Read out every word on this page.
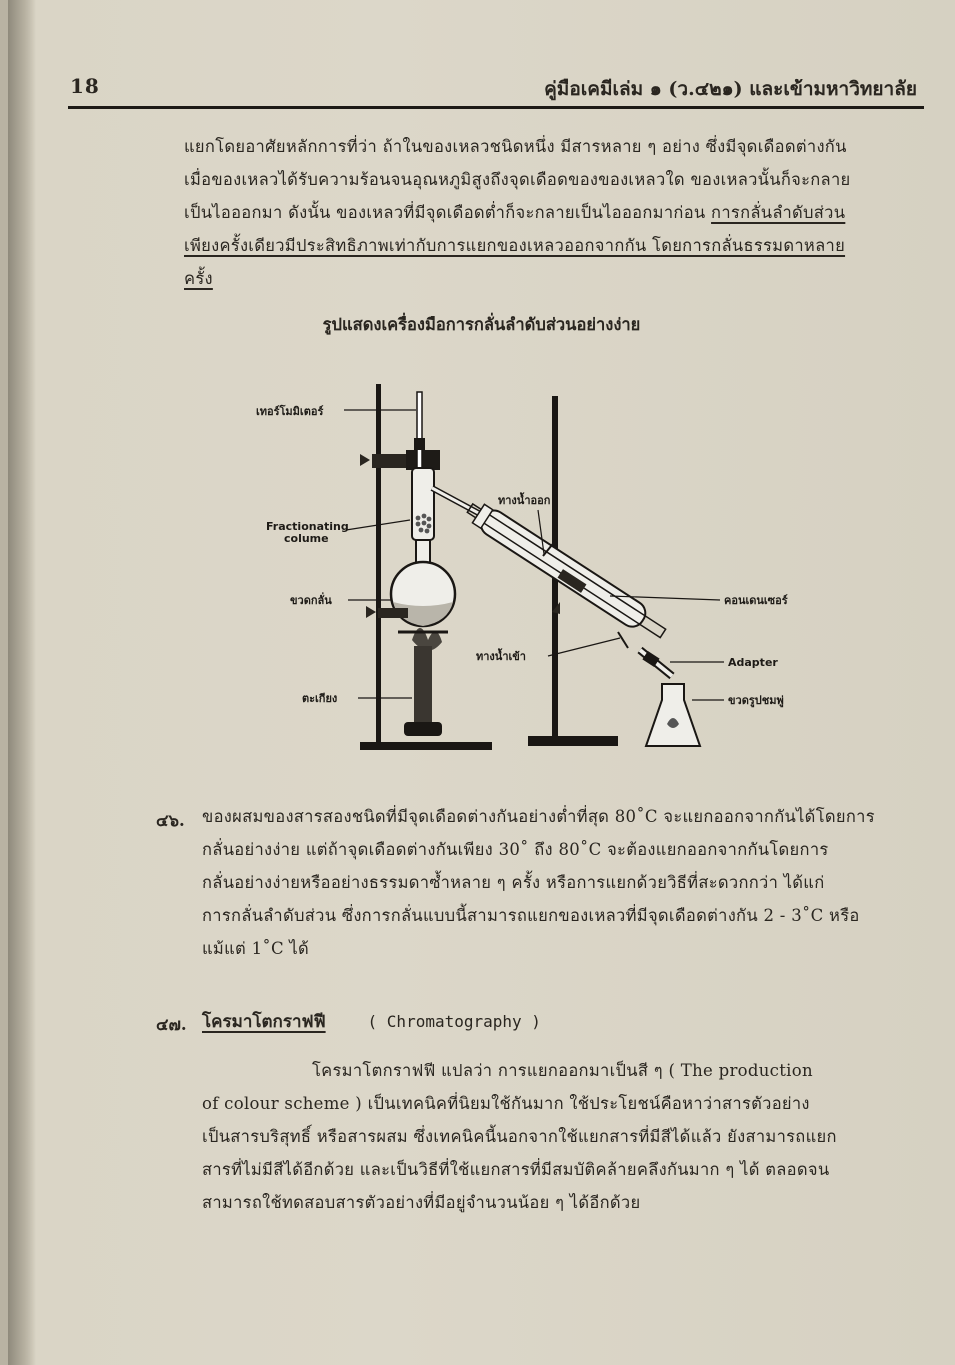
18	คู่มือเคมีเล่ม ๑ (ว.๔๒๑) และเข้ามหาวิทยาลัย
แยกโดยอาศัยหลักการที่ว่า ถ้าในของเหลวชนิดหนึ่ง มีสารหลาย ๆ อย่าง ซึ่งมีจุดเดือดต่างกัน
เมื่อของเหลวได้รับความร้อนจนอุณหภูมิสูงถึงจุดเดือดของของเหลวใด ของเหลวนั้นก็จะกลาย
เป็นไอออกมา ดังนั้น ของเหลวที่มีจุดเดือดต่ำก็จะกลายเป็นไอออกมาก่อน การกลั่นลำดับส่วน
เพียงครั้งเดียวมีประสิทธิภาพเท่ากับการแยกของเหลวออกจากกัน โดยการกลั่นธรรมดาหลาย
ครั้ง
รูปแสดงเครื่องมือการกลั่นลำดับส่วนอย่างง่าย
เทอร์โมมิเตอร์
Fractionating
colume
ขวดกลั่น
ตะเกียง
ทางน้ำออก
ทางน้ำเข้า
คอนเดนเซอร์
Adapter
ขวดรูปชมพู่
๔๖. ของผสมของสารสองชนิดที่มีจุดเดือดต่างกันอย่างต่ำที่สุด 80˚C จะแยกออกจากกันได้โดยการ
กลั่นอย่างง่าย แต่ถ้าจุดเดือดต่างกันเพียง 30˚ ถึง 80˚C จะต้องแยกออกจากกันโดยการ
กลั่นอย่างง่ายหรืออย่างธรรมดาซ้ำหลาย ๆ ครั้ง หรือการแยกด้วยวิธีที่สะดวกกว่า ได้แก่
การกลั่นลำดับส่วน ซึ่งการกลั่นแบบนี้สามารถแยกของเหลวที่มีจุดเดือดต่างกัน 2 - 3˚C หรือ
แม้แต่ 1˚C ได้
๔๗. โครมาโตกราฟฟี	( Chromatography )
โครมาโตกราฟฟี แปลว่า การแยกออกมาเป็นสี ๆ ( The production
of colour scheme ) เป็นเทคนิคที่นิยมใช้กันมาก ใช้ประโยชน์คือหาว่าสารตัวอย่าง
เป็นสารบริสุทธิ์ หรือสารผสม ซึ่งเทคนิคนี้นอกจากใช้แยกสารที่มีสีได้แล้ว ยังสามารถแยก
สารที่ไม่มีสีได้อีกด้วย และเป็นวิธีที่ใช้แยกสารที่มีสมบัติคล้ายคลึงกันมาก ๆ ได้ ตลอดจน
สามารถใช้ทดสอบสารตัวอย่างที่มีอยู่จำนวนน้อย ๆ ได้อีกด้วย
